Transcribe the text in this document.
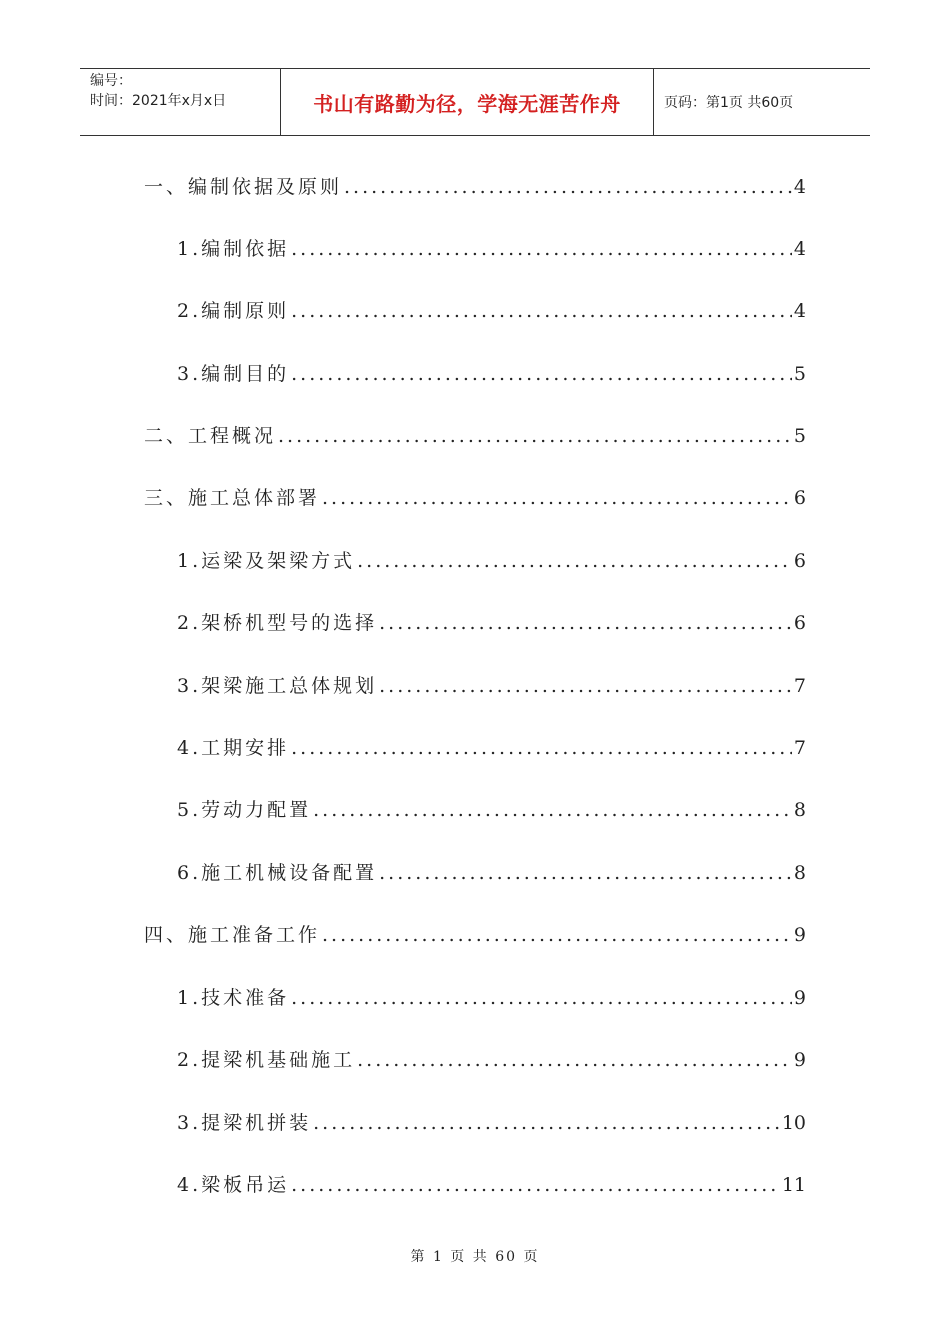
编号：
时间：2021年x月x日	书山有路勤为径，学海无涯苦作舟	页码：第1页 共60页
一、编制依据及原则 .....	4
1.编制依据 .....	4
2.编制原则 .....	4
3.编制目的 .....	5
二、工程概况 .....	5
三、施工总体部署 .....	6
1.运梁及架梁方式 .....	6
2.架桥机型号的选择 .....	6
3.架梁施工总体规划 .....	7
4.工期安排 .....	7
5.劳动力配置 .....	8
6.施工机械设备配置 .....	8
四、施工准备工作 .....	9
1.技术准备 .....	9
2.提梁机基础施工 .....	9
3.提梁机拼装 .....	10
4.梁板吊运 .....	11
第 1 页 共 60 页
